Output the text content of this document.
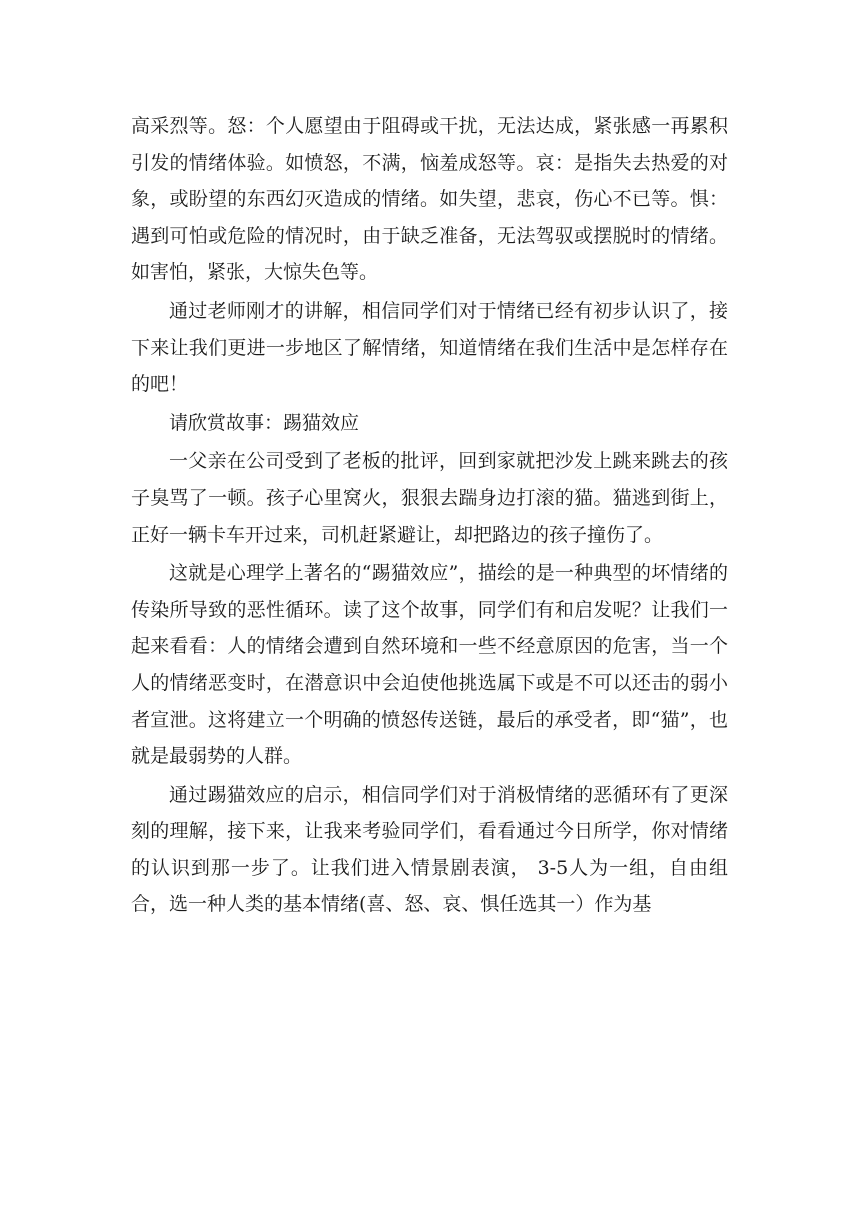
高采烈等。怒：个人愿望由于阻碍或干扰，无法达成，紧张感一再累积引发的情绪体验。如愤怒，不满，恼羞成怒等。哀：是指失去热爱的对象，或盼望的东西幻灭造成的情绪。如失望，悲哀，伤心不已等。惧：遇到可怕或危险的情况时，由于缺乏准备，无法驾驭或摆脱时的情绪。如害怕，紧张，大惊失色等。

通过老师刚才的讲解，相信同学们对于情绪已经有初步认识了，接下来让我们更进一步地区了解情绪，知道情绪在我们生活中是怎样存在的吧！

请欣赏故事：踢猫效应

一父亲在公司受到了老板的批评，回到家就把沙发上跳来跳去的孩子臭骂了一顿。孩子心里窝火，狠狠去踹身边打滚的猫。猫逃到街上，正好一辆卡车开过来，司机赶紧避让，却把路边的孩子撞伤了。

这就是心理学上著名的“踢猫效应”，描绘的是一种典型的坏情绪的传染所导致的恶性循环。读了这个故事，同学们有和启发呢？让我们一起来看看：人的情绪会遭到自然环境和一些不经意原因的危害，当一个人的情绪恶变时，在潜意识中会迫使他挑选属下或是不可以还击的弱小者宣泄。这将建立一个明确的愤怒传送链，最后的承受者，即“猫”，也就是最弱势的人群。

通过踢猫效应的启示，相信同学们对于消极情绪的恶循环有了更深刻的理解，接下来，让我来考验同学们，看看通过今日所学，你对情绪的认识到那一步了。让我们进入情景剧表演， 3-5人为一组，自由组合，选一种人类的基本情绪(喜、怒、哀、惧任选其一）作为基
